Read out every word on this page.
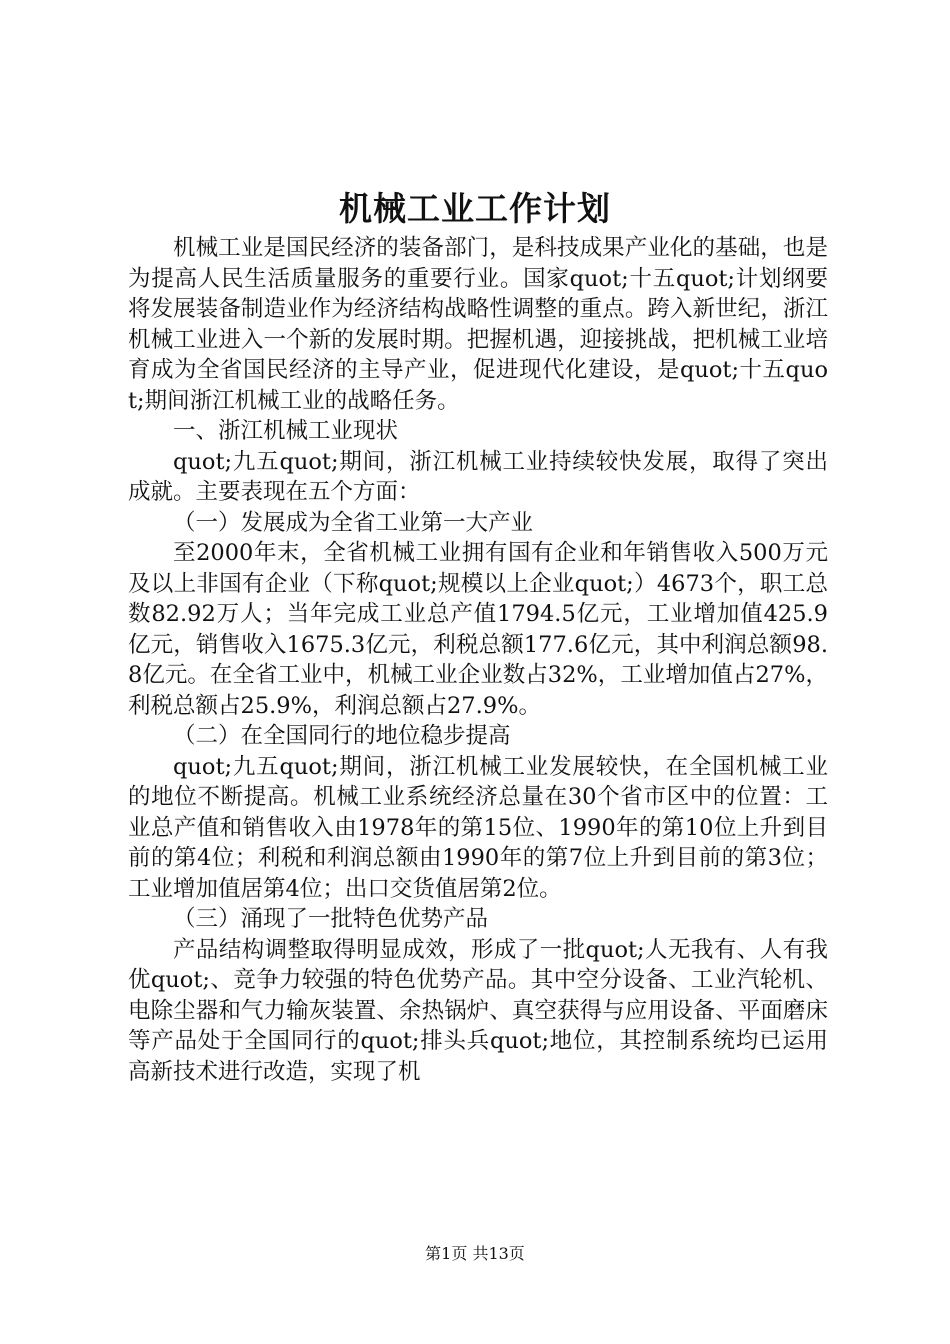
机械工业工作计划

机械工业是国民经济的装备部门，是科技成果产业化的基础，也是为提高人民生活质量服务的重要行业。国家quot;十五quot;计划纲要将发展装备制造业作为经济结构战略性调整的重点。跨入新世纪，浙江机械工业进入一个新的发展时期。把握机遇，迎接挑战，把机械工业培育成为全省国民经济的主导产业，促进现代化建设，是quot;十五quot;期间浙江机械工业的战略任务。

一、浙江机械工业现状

quot;九五quot;期间，浙江机械工业持续较快发展，取得了突出成就。主要表现在五个方面：

（一）发展成为全省工业第一大产业

至2000年末，全省机械工业拥有国有企业和年销售收入500万元及以上非国有企业（下称quot;规模以上企业quot;）4673个，职工总数82.92万人；当年完成工业总产值1794.5亿元，工业增加值425.9亿元，销售收入1675.3亿元，利税总额177.6亿元，其中利润总额98.8亿元。在全省工业中，机械工业企业数占32%，工业增加值占27%，利税总额占25.9%，利润总额占27.9%。

（二）在全国同行的地位稳步提高

quot;九五quot;期间，浙江机械工业发展较快，在全国机械工业的地位不断提高。机械工业系统经济总量在30个省市区中的位置：工业总产值和销售收入由1978年的第15位、1990年的第10位上升到目前的第4位；利税和利润总额由1990年的第7位上升到目前的第3位；工业增加值居第4位；出口交货值居第2位。

（三）涌现了一批特色优势产品

产品结构调整取得明显成效，形成了一批quot;人无我有、人有我优quot;、竞争力较强的特色优势产品。其中空分设备、工业汽轮机、电除尘器和气力输灰装置、余热锅炉、真空获得与应用设备、平面磨床等产品处于全国同行的quot;排头兵quot;地位，其控制系统均已运用高新技术进行改造，实现了机

第1页 共13页
